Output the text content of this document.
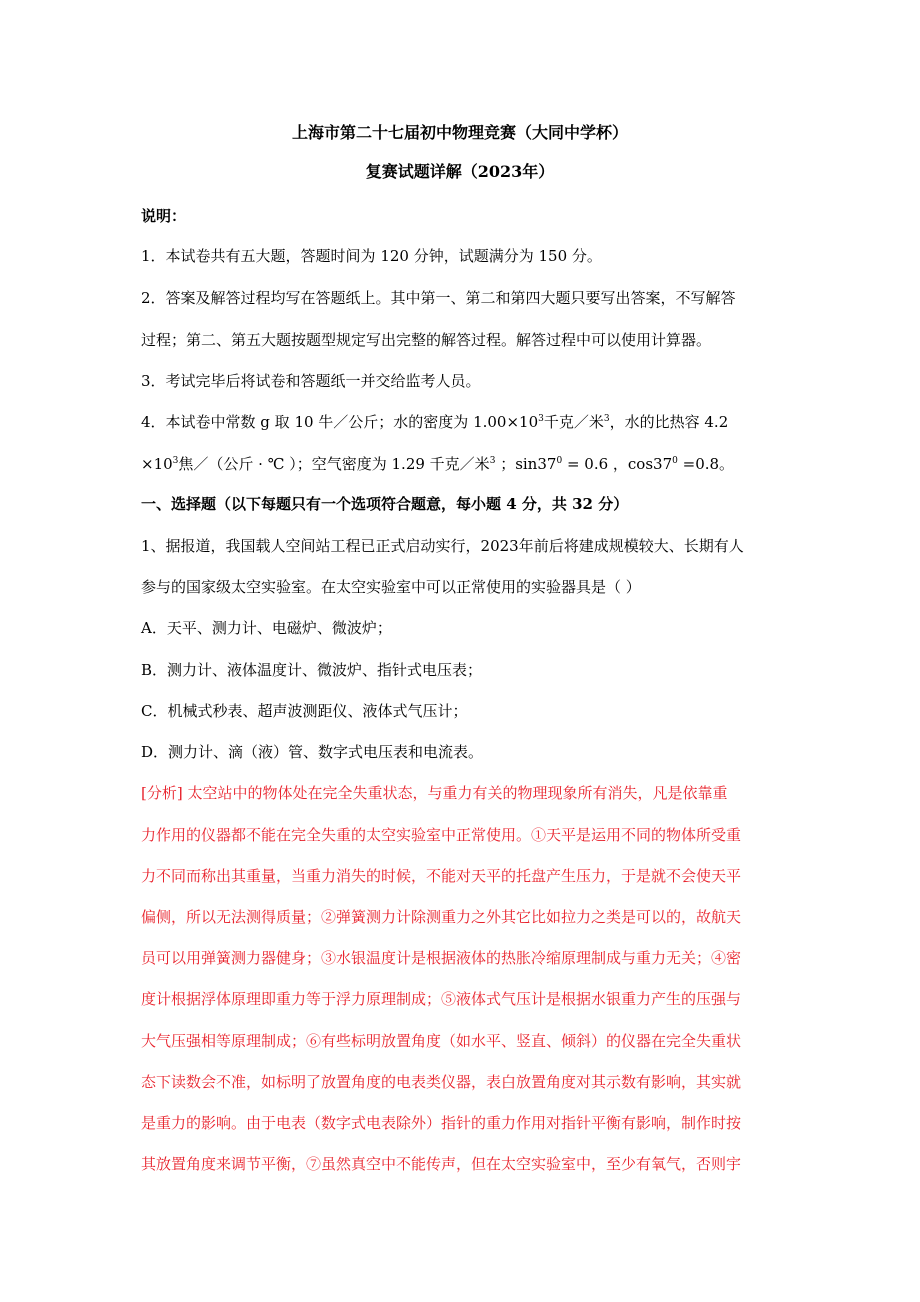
上海市第二十七届初中物理竞赛（大同中学杯）
复赛试题详解（2023年）
说明：
1．本试卷共有五大题，答题时间为 120 分钟，试题满分为 150 分。
2．答案及解答过程均写在答题纸上。其中第一、第二和第四大题只要写出答案，不写解答
过程；第二、第五大题按题型规定写出完整的解答过程。解答过程中可以使用计算器。
3．考试完毕后将试卷和答题纸一并交给监考人员。
4．本试卷中常数 g 取 10 牛／公斤；水的密度为 $1.00\times 10^3$千克／米$^3$，水的比热容 4.2
$\times 10^3$焦／（公斤 · ℃ ）；空气密度为 1.29 千克／米$^3$ ；$\sin 37^0 = 0.6$ ，$\cos 37^0 =0.8$。
一、选择题（以下每题只有一个选项符合题意，每小题 4 分，共 32 分）
1、据报道，我国载人空间站工程已正式启动实行，2023年前后将建成规模较大、长期有人
参与的国家级太空实验室。在太空实验室中可以正常使用的实验器具是（ ）
A．天平、测力计、电磁炉、微波炉；
B．测力计、液体温度计、微波炉、指针式电压表；
C．机械式秒表、超声波测距仪、液体式气压计；
D．测力计、滴（液）管、数字式电压表和电流表。
[分析] 太空站中的物体处在完全失重状态，与重力有关的物理现象所有消失，凡是依靠重
力作用的仪器都不能在完全失重的太空实验室中正常使用。①天平是运用不同的物体所受重
力不同而称出其重量，当重力消失的时候，不能对天平的托盘产生压力，于是就不会使天平
偏侧，所以无法测得质量；②弹簧测力计除测重力之外其它比如拉力之类是可以的，故航天
员可以用弹簧测力器健身；③水银温度计是根据液体的热胀冷缩原理制成与重力无关；④密
度计根据浮体原理即重力等于浮力原理制成；⑤液体式气压计是根据水银重力产生的压强与
大气压强相等原理制成；⑥有些标明放置角度（如水平、竖直、倾斜）的仪器在完全失重状
态下读数会不准，如标明了放置角度的电表类仪器，表白放置角度对其示数有影响，其实就
是重力的影响。由于电表（数字式电表除外）指针的重力作用对指针平衡有影响，制作时按
其放置角度来调节平衡，⑦虽然真空中不能传声，但在太空实验室中，至少有氧气，否则宇
